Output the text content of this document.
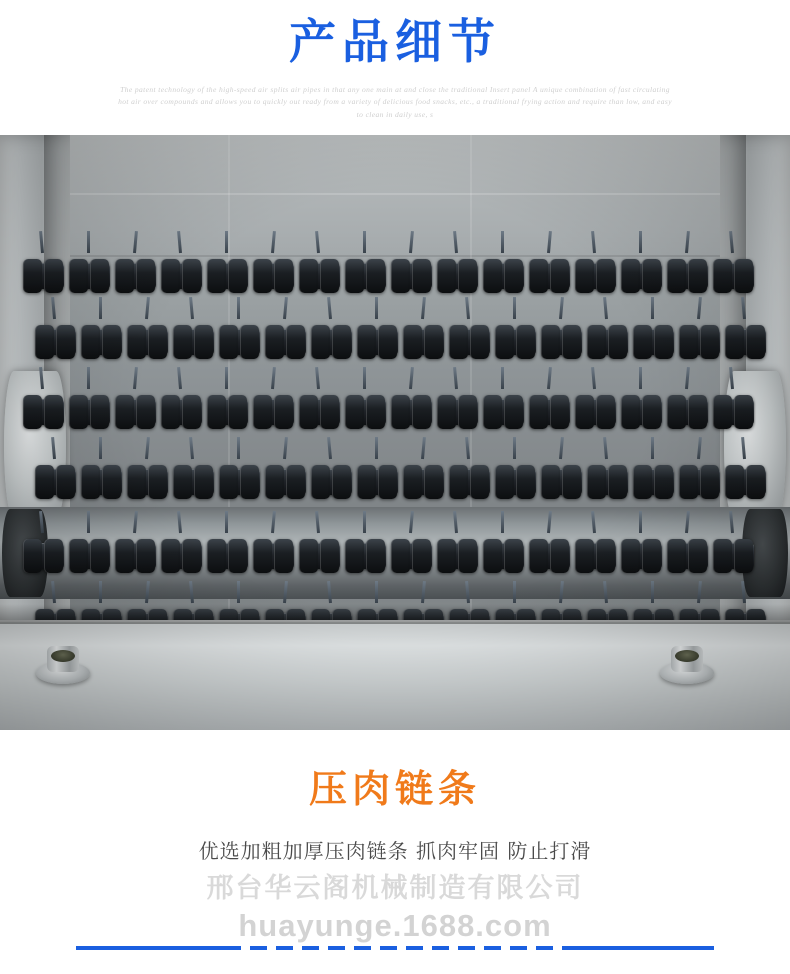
产品细节
The patent technology of the high-speed air splits air pipes in that any one main at and close the traditional Insert panel A unique combination of fast circulating hot air over compounds and allows you to quickly out ready from a variety of delicious food snacks, etc., a traditional frying action and require than low, and easy to clean in daily use, s
压肉链条
优选加粗加厚压肉链条 抓肉牢固 防止打滑
邢台华云阁机械制造有限公司
huayunge.1688.com
